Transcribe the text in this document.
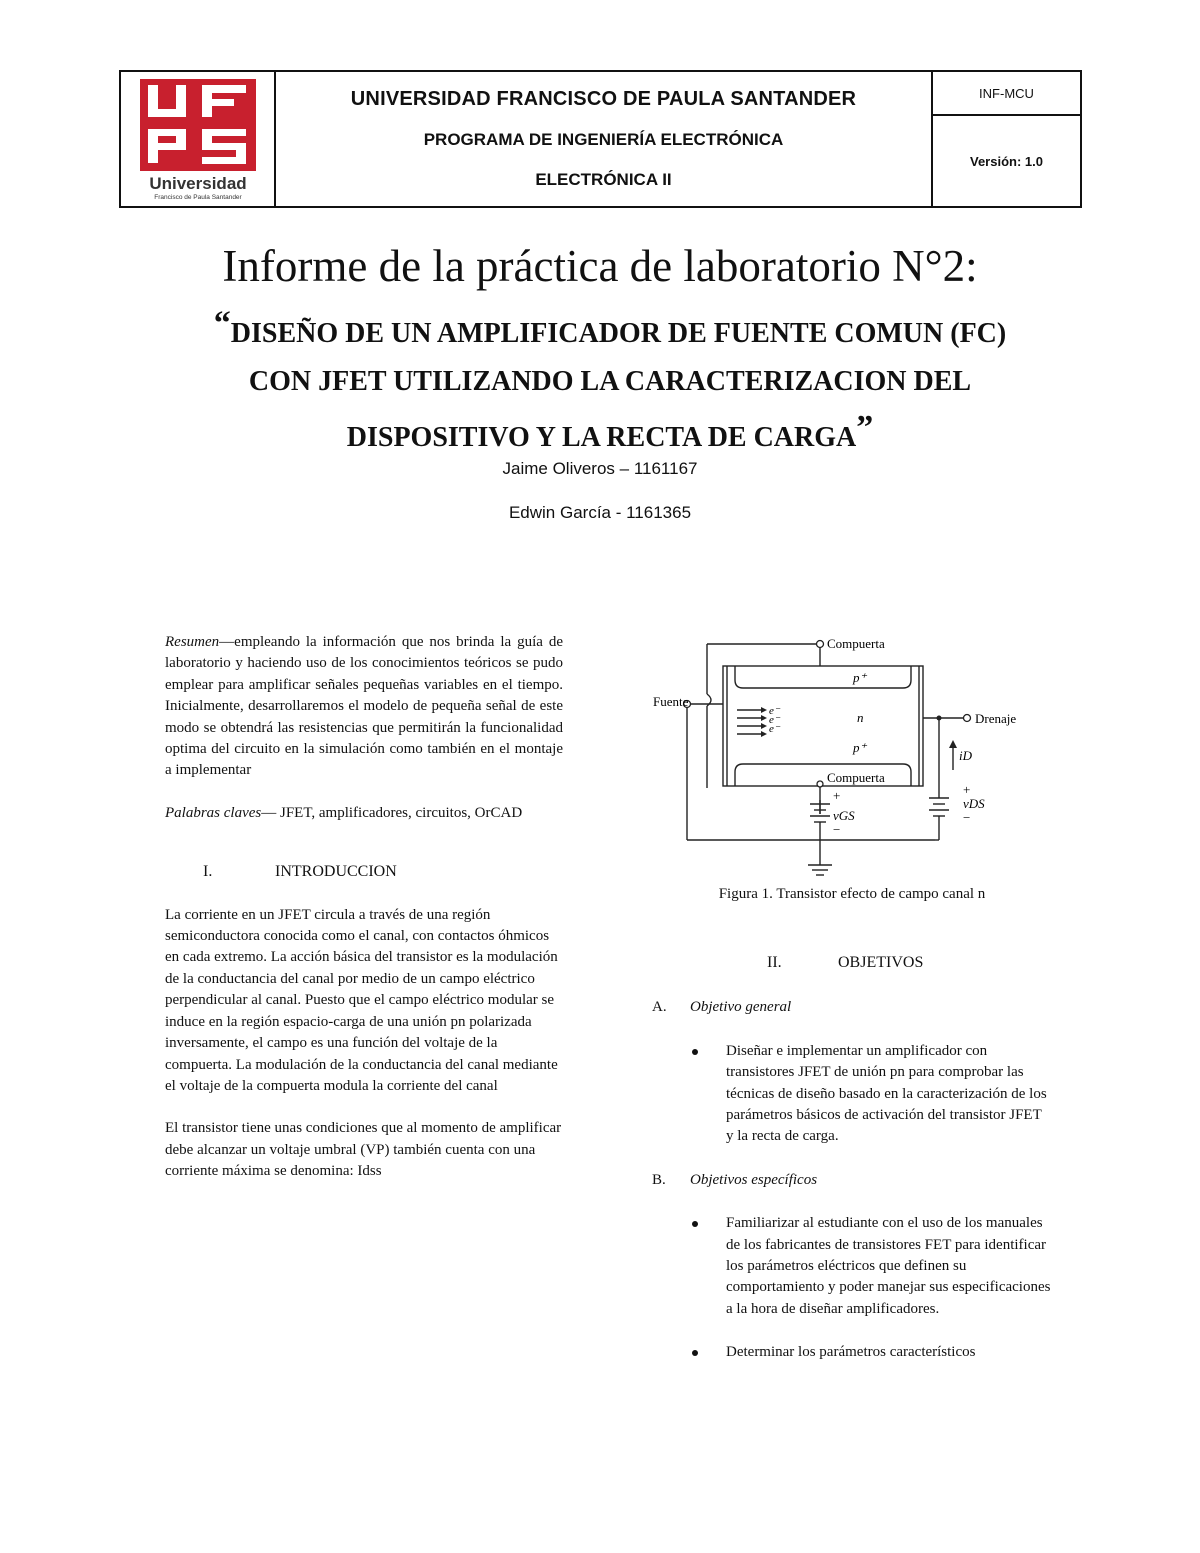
Universidad
Francisco de Paula Santander
UNIVERSIDAD FRANCISCO DE PAULA SANTANDER
PROGRAMA DE INGENIERÍA ELECTRÓNICA
ELECTRÓNICA II
INF-MCU
Versión: 1.0
Informe de la práctica de laboratorio N°2:
“DISEÑO DE UN AMPLIFICADOR DE FUENTE COMUN (FC)
CON JFET UTILIZANDO LA CARACTERIZACION DEL
DISPOSITIVO Y LA RECTA DE CARGA”
Jaime Oliveros – 1161167
Edwin García - 1161365

Resumen—empleando la información que nos brinda la guía de laboratorio y haciendo uso de los conocimientos teóricos se pudo emplear para amplificar señales pequeñas variables en el tiempo. Inicialmente, desarrollaremos el modelo de pequeña señal de este modo se obtendrá las resistencias que permitirán la funcionalidad optima del circuito en la simulación como también en el montaje a implementar

Palabras claves— JFET, amplificadores, circuitos, OrCAD

I.	INTRODUCCION

La corriente en un JFET circula a través de una región semiconductora conocida como el canal, con contactos óhmicos en cada extremo. La acción básica del transistor es la modulación de la conductancia del canal por medio de un campo eléctrico perpendicular al canal. Puesto que el campo eléctrico modular se induce en la región espacio-carga de una unión pn polarizada inversamente, el campo es una función del voltaje de la compuerta. La modulación de la conductancia del canal mediante el voltaje de la compuerta modula la corriente del canal

El transistor tiene unas condiciones que al momento de amplificar debe alcanzar un voltaje umbral (VP) también cuenta con una corriente máxima se denomina: Idss

Compuerta
Compuerta
Fuente
Drenaje
p⁺
p⁺
n
e⁻
e⁻
e⁻
iD
vGS
vDS
+
−
+
−
Figura 1. Transistor efecto de campo canal n
II.	OBJETIVOS
A.	Objetivo general
Diseñar e implementar un amplificador con transistores JFET de unión pn para comprobar las técnicas de diseño basado en la caracterización de los parámetros básicos de activación del transistor JFET y la recta de carga.
B.	Objetivos específicos
Familiarizar al estudiante con el uso de los manuales de los fabricantes de transistores FET para identificar los parámetros eléctricos que definen su comportamiento y poder manejar sus especificaciones a la hora de diseñar amplificadores.
Determinar los parámetros característicos
